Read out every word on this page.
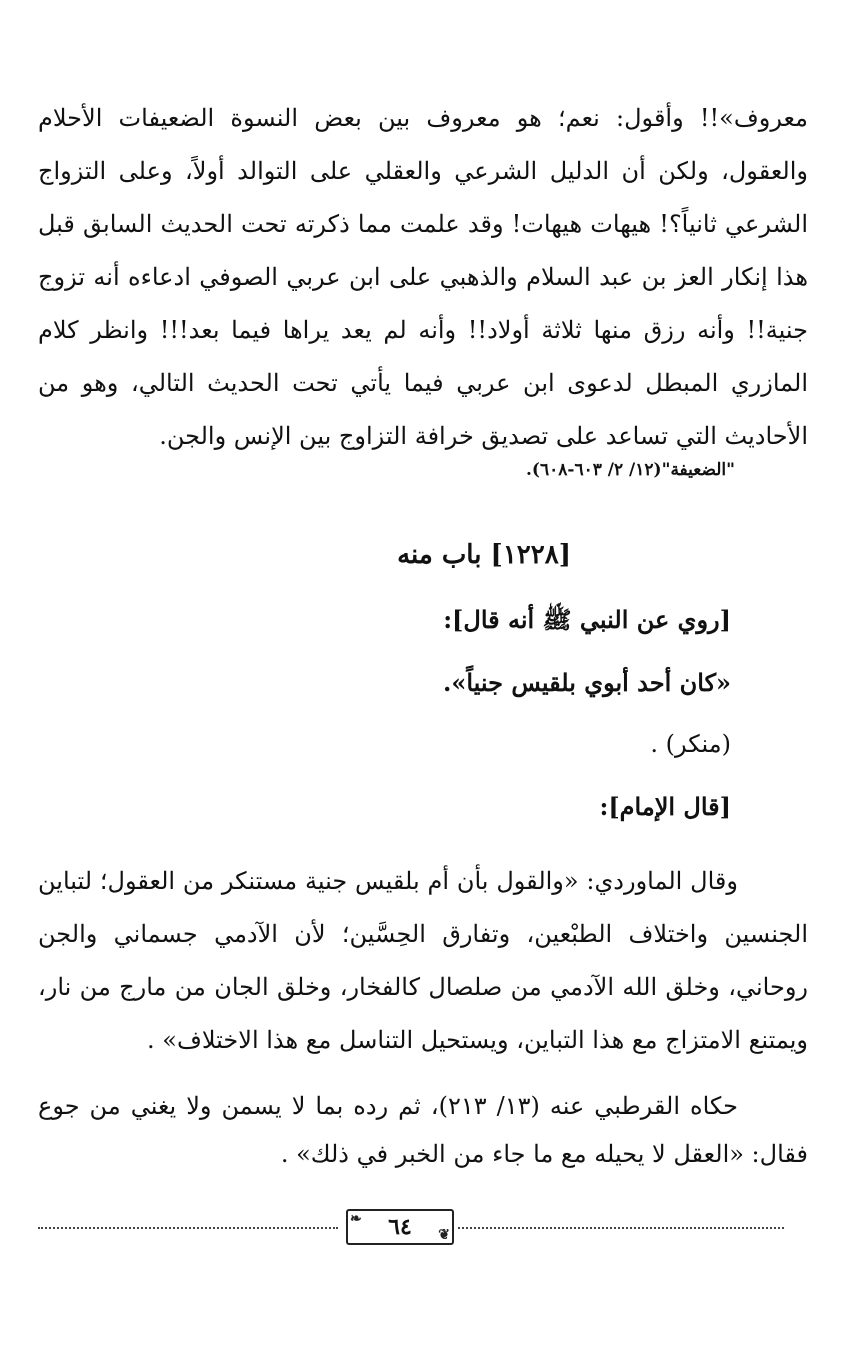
معروف»!! وأقول: نعم؛ هو معروف بين بعض النسوة الضعيفات الأحلام والعقول، ولكن أن الدليل الشرعي والعقلي على التوالد أولاً، وعلى التزواج الشرعي ثانياً؟! هيهات هيهات! وقد علمت مما ذكرته تحت الحديث السابق قبل هذا إنكار العز بن عبد السلام والذهبي على ابن عربي الصوفي ادعاءه أنه تزوج جنية!! وأنه رزق منها ثلاثة أولاد!! وأنه لم يعد يراها فيما بعد!!! وانظر كلام المازري المبطل لدعوى ابن عربي فيما يأتي تحت الحديث التالي، وهو من الأحاديث التي تساعد على تصديق خرافة التزاوج بين الإنس والجن.
"الضعيفة"(١٢/ ٢/ ٦٠٣-٦٠٨).
[١٢٢٨] باب منه
[روي عن النبي ﷺ أنه قال]:
«كان أحد أبوي بلقيس جنياً».
(منكر) .
[قال الإمام]:
وقال الماوردي: «والقول بأن أم بلقيس جنية مستنكر من العقول؛ لتباين الجنسين واختلاف الطبْعين، وتفارق الحِسَّين؛ لأن الآدمي جسماني والجن روحاني، وخلق الله الآدمي من صلصال كالفخار، وخلق الجان من مارج من نار، ويمتنع الامتزاج مع هذا التباين، ويستحيل التناسل مع هذا الاختلاف» .
حكاه القرطبي عنه (١٣/ ٢١٣)، ثم رده بما لا يسمن ولا يغني من جوع فقال: «العقل لا يحيله مع ما جاء من الخبر في ذلك» .
❧ ٦٤ ❦
